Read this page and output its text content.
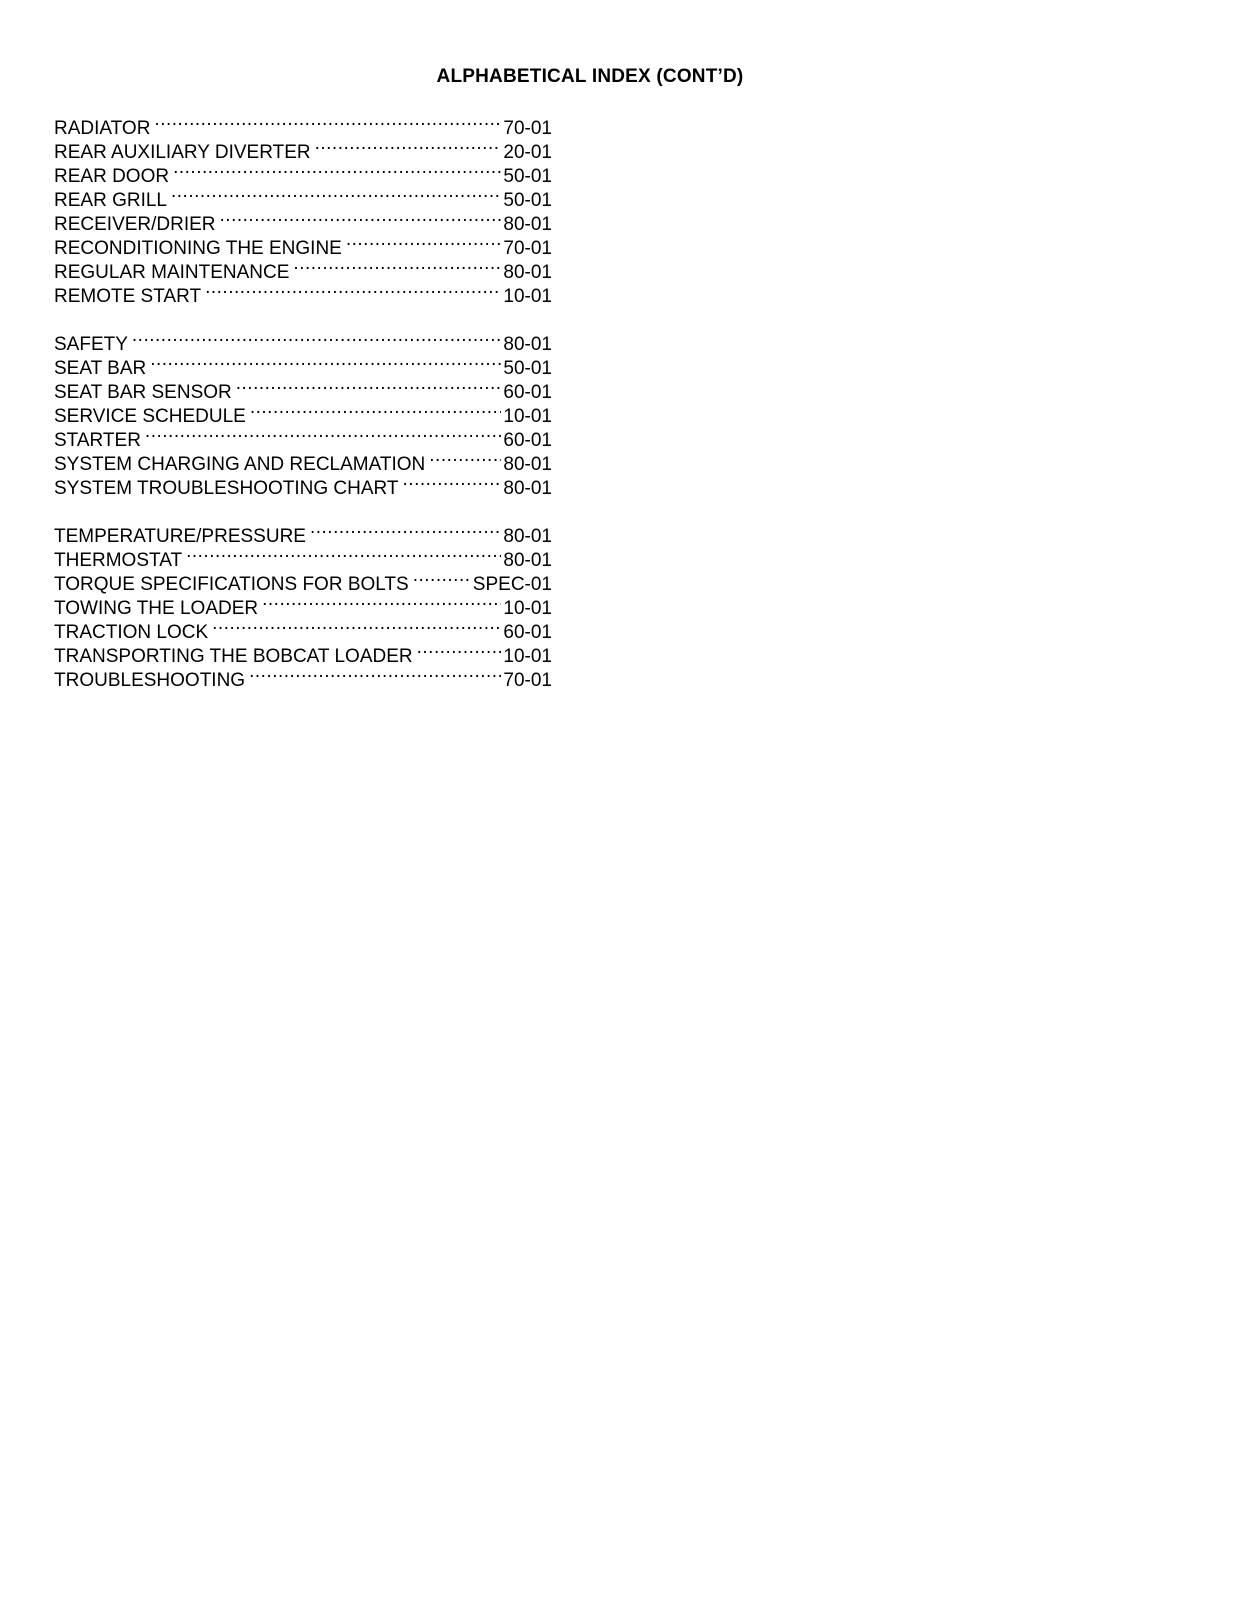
ALPHABETICAL INDEX (CONT’D)
RADIATOR .....	70-01
REAR AUXILIARY DIVERTER .....	20-01
REAR DOOR .....	50-01
REAR GRILL .....	50-01
RECEIVER/DRIER .....	80-01
RECONDITIONING THE ENGINE .....	70-01
REGULAR MAINTENANCE .....	80-01
REMOTE START .....	10-01
SAFETY .....	80-01
SEAT BAR .....	50-01
SEAT BAR SENSOR .....	60-01
SERVICE SCHEDULE .....	10-01
STARTER .....	60-01
SYSTEM CHARGING AND RECLAMATION .....	80-01
SYSTEM TROUBLESHOOTING CHART .....	80-01
TEMPERATURE/PRESSURE .....	80-01
THERMOSTAT .....	80-01
TORQUE SPECIFICATIONS FOR BOLTS .....	SPEC-01
TOWING THE LOADER .....	10-01
TRACTION LOCK .....	60-01
TRANSPORTING THE BOBCAT LOADER .....	10-01
TROUBLESHOOTING .....	70-01
